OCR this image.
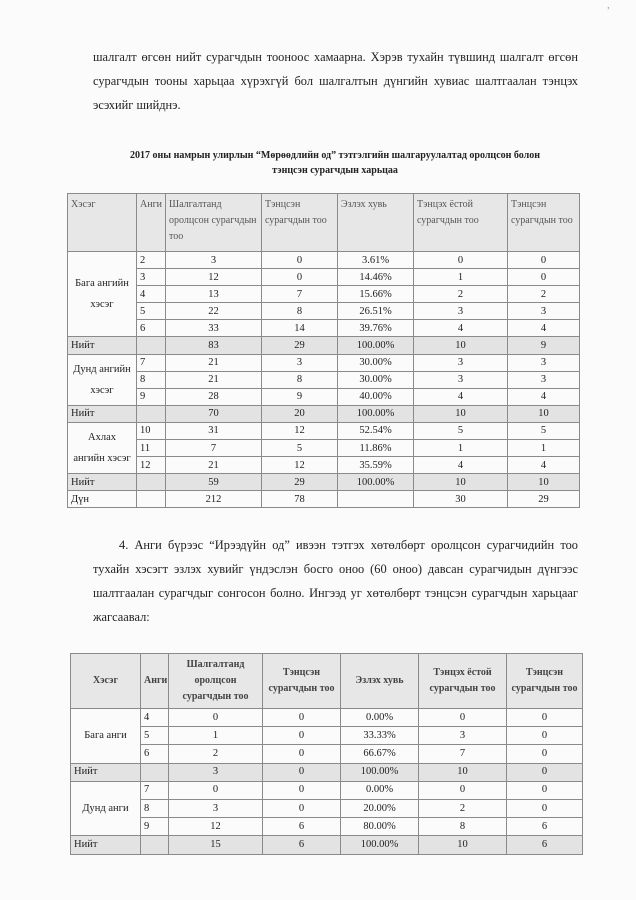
‚

шалгалт өгсөн нийт сурагчдын тооноос хамаарна. Хэрэв тухайн түвшинд шалгалт өгсөн сурагчдын тооны харьцаа хүрэхгүй бол шалгалтын дүнгийн хувиас шалтгаалан тэнцэх эсэхийг шийднэ.

2017 оны намрын улирлын “Мөрөөдлийн од” тэтгэлгийн шалгаруулалтад оролцсон болон
тэнцсэн сурагчдын харьцаа
Хэсэг	Анги	Шалгалтанд оролцсон сурагчдын тоо	Тэнцсэн сурагчдын тоо	Эзлэх хувь	Тэнцэх ёстой сурагчдын тоо	Тэнцсэн сурагчдын тоо
Бага ангийн хэсэг	2	3	0	3.61%	0	0
	3	12	0	14.46%	1	0
	4	13	7	15.66%	2	2
	5	22	8	26.51%	3	3
	6	33	14	39.76%	4	4
Нийт		83	29	100.00%	10	9
Дунд ангийн хэсэг	7	21	3	30.00%	3	3
	8	21	8	30.00%	3	3
	9	28	9	40.00%	4	4
Нийт		70	20	100.00%	10	10
Ахлах ангийн хэсэг	10	31	12	52.54%	5	5
	11	7	5	11.86%	1	1
	12	21	12	35.59%	4	4
Нийт		59	29	100.00%	10	10
Дүн		212	78		30	29

4. Анги бүрээс “Ирээдүйн од” ивээн тэтгэх хөтөлбөрт оролцсон сурагчидийн тоо тухайн хэсэгт эзлэх хувийг үндэслэн босго оноо (60 оноо) давсан сурагчидын дүнгээс шалтгаалан сурагчдыг сонгосон болно. Ингээд уг хөтөлбөрт тэнцсэн сурагчдын харьцааг жагсаавал:

Хэсэг	Анги	Шалгалтанд оролцсон сурагчдын тоо	Тэнцсэн сурагчдын тоо	Эзлэх хувь	Тэнцэх ёстой сурагчдын тоо	Тэнцсэн сурагчдын тоо
Бага анги	4	0	0	0.00%	0	0
	5	1	0	33.33%	3	0
	6	2	0	66.67%	7	0
Нийт		3	0	100.00%	10	0
Дунд анги	7	0	0	0.00%	0	0
	8	3	0	20.00%	2	0
	9	12	6	80.00%	8	6
Нийт		15	6	100.00%	10	6
